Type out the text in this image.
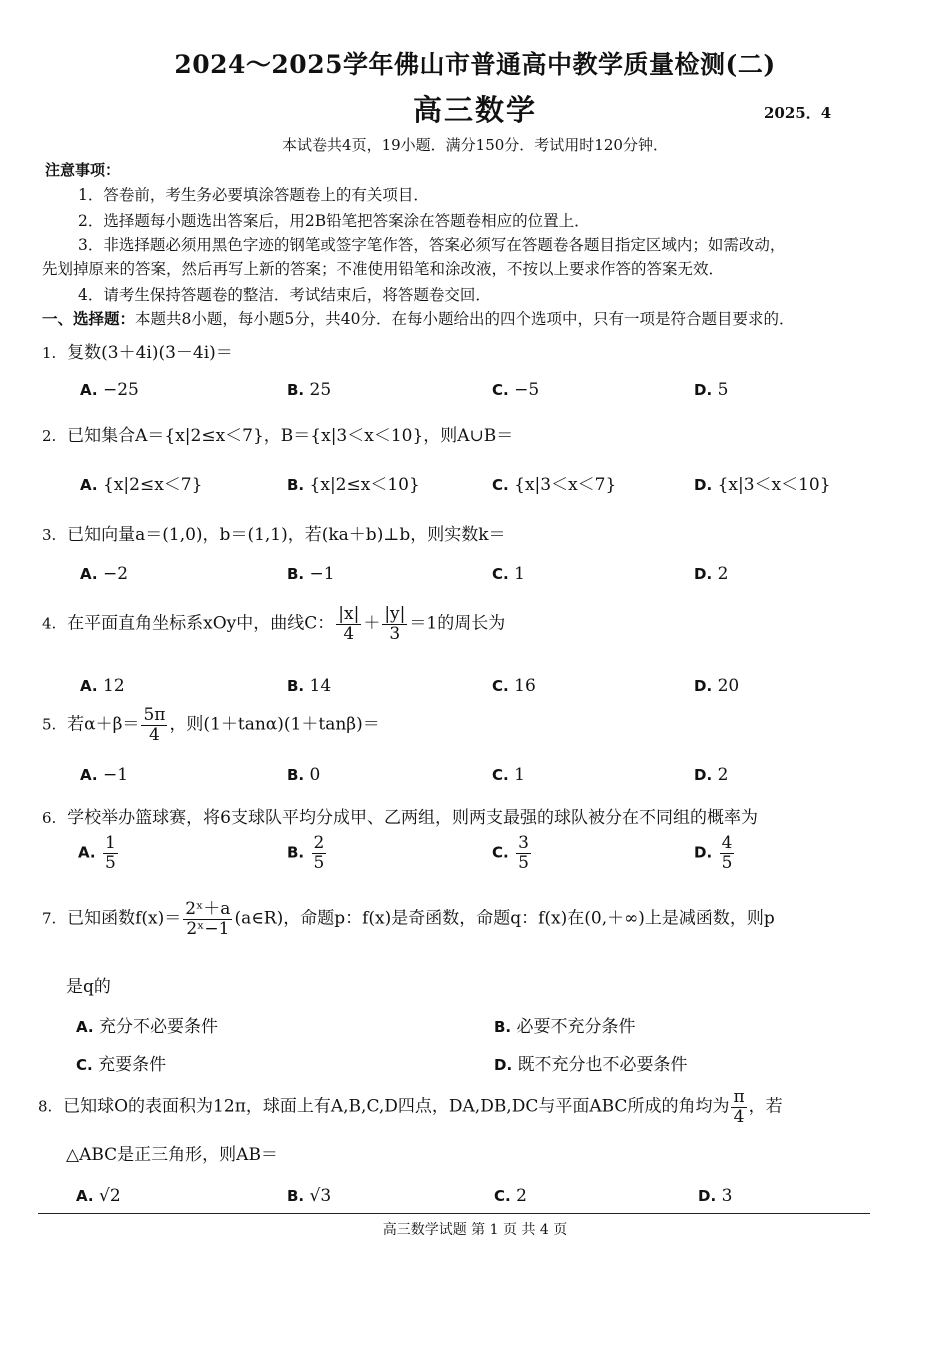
2024～2025学年佛山市普通高中教学质量检测(二)
高三数学	2025．4
本试卷共4页，19小题．满分150分．考试用时120分钟．
注意事项：
1．答卷前，考生务必要填涂答题卷上的有关项目．
2．选择题每小题选出答案后，用2B铅笔把答案涂在答题卷相应的位置上．
3．非选择题必须用黑色字迹的钢笔或签字笔作答，答案必须写在答题卷各题目指定区域内；如需改动，
先划掉原来的答案，然后再写上新的答案；不准使用铅笔和涂改液，不按以上要求作答的答案无效．
4．请考生保持答题卷的整洁．考试结束后，将答题卷交回．
一、选择题：本题共8小题，每小题5分，共40分．在每小题给出的四个选项中，只有一项是符合题目要求的．
1. 复数(3＋4i)(3－4i)＝
A. −25	B. 25	C. −5	D. 5
2. 已知集合A＝{x|2≤x＜7}，B＝{x|3＜x＜10}，则A∪B＝
A. {x|2≤x＜7}	B. {x|2≤x＜10}	C. {x|3＜x＜7}	D. {x|3＜x＜10}
3. 已知向量a＝(1,0)，b＝(1,1)，若(ka＋b)⊥b，则实数k＝
A. −2	B. −1	C. 1	D. 2
4. 在平面直角坐标系xOy中，曲线C： $\frac{|x|}{4} + \frac{|y|}{3} =1$的周长为
A. 12	B. 14	C. 16	D. 20
5. 若$\alpha+\beta= \frac{5\pi}{4}$ ，则(1＋tanα)(1＋tanβ)＝
A. −1	B. 0	C. 1	D. 2
6. 学校举办篮球赛，将6支球队平均分成甲、乙两组，则两支最强的球队被分在不同组的概率为
A. $\frac{1}{5}$	B. $\frac{2}{5}$	C. $\frac{3}{5}$	D. $\frac{4}{5}$
7. 已知函数$f(x)= \frac{\text{2ˣ＋a}}{\text{2ˣ−1}}$ (a∈R)，命题p：f(x)是奇函数，命题q：f(x)在(0,＋∞)上是减函数，则p
是q的
A. 充分不必要条件	B. 必要不充分条件
C. 充要条件	D. 既不充分也不必要条件
8. 已知球O的表面积为12π，球面上有A,B,C,D四点，DA,DB,DC与平面ABC所成的角均为 $\frac{\pi}{4}$ ，若
△ABC是正三角形，则AB＝
A. √2	B. √3	C. 2	D. 3
高三数学试题 第 1 页 共 4 页
